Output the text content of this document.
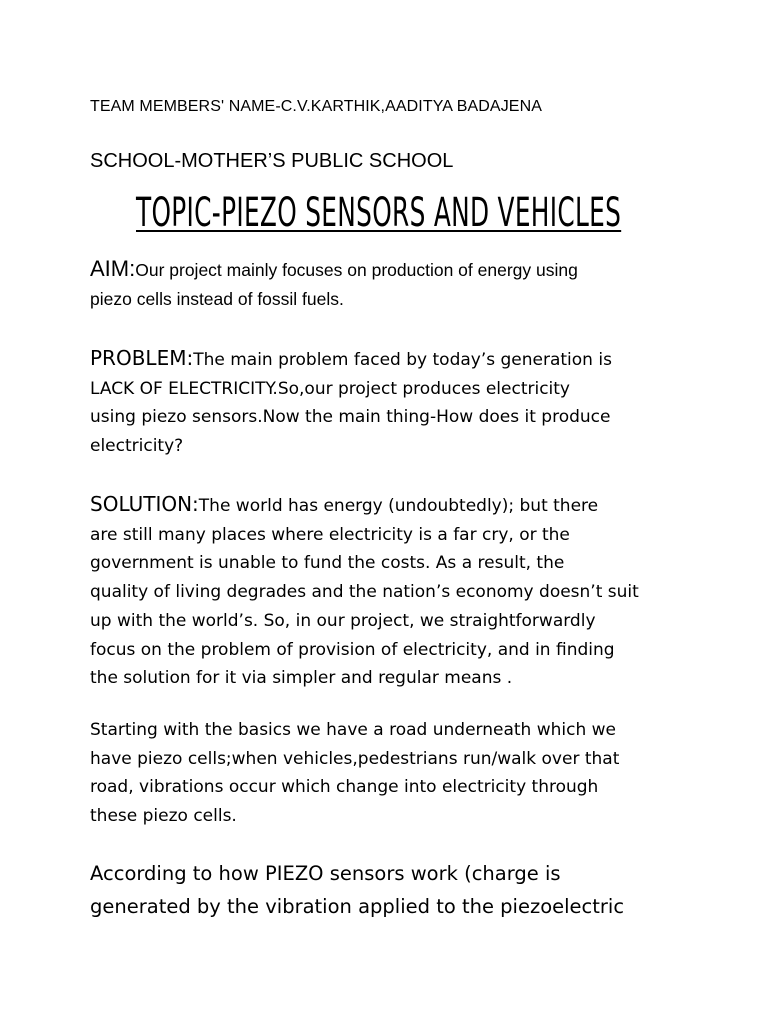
TEAM MEMBERS' NAME-C.V.KARTHIK,AADITYA BADAJENA
SCHOOL-MOTHER’S PUBLIC SCHOOL
TOPIC-PIEZO SENSORS AND VEHICLES
AIM:Our project mainly focuses on production of energy using
piezo cells instead of fossil fuels.
PROBLEM:The main problem faced by today’s generation is
LACK OF ELECTRICITY.So,our project produces electricity
using piezo sensors.Now the main thing-How does it produce
electricity?
SOLUTION:The world has energy (undoubtedly); but there
are still many places where electricity is a far cry, or the
government is unable to fund the costs. As a result, the
quality of living degrades and the nation’s economy doesn’t suit
up with the world’s. So, in our project, we straightforwardly
focus on the problem of provision of electricity, and in finding
the solution for it via simpler and regular means .
Starting with the basics we have a road underneath which we
have piezo cells;when vehicles,pedestrians run/walk over that
road, vibrations occur which change into electricity through
these piezo cells.
According to how PIEZO sensors work (charge is
generated by the vibration applied to the piezoelectric
